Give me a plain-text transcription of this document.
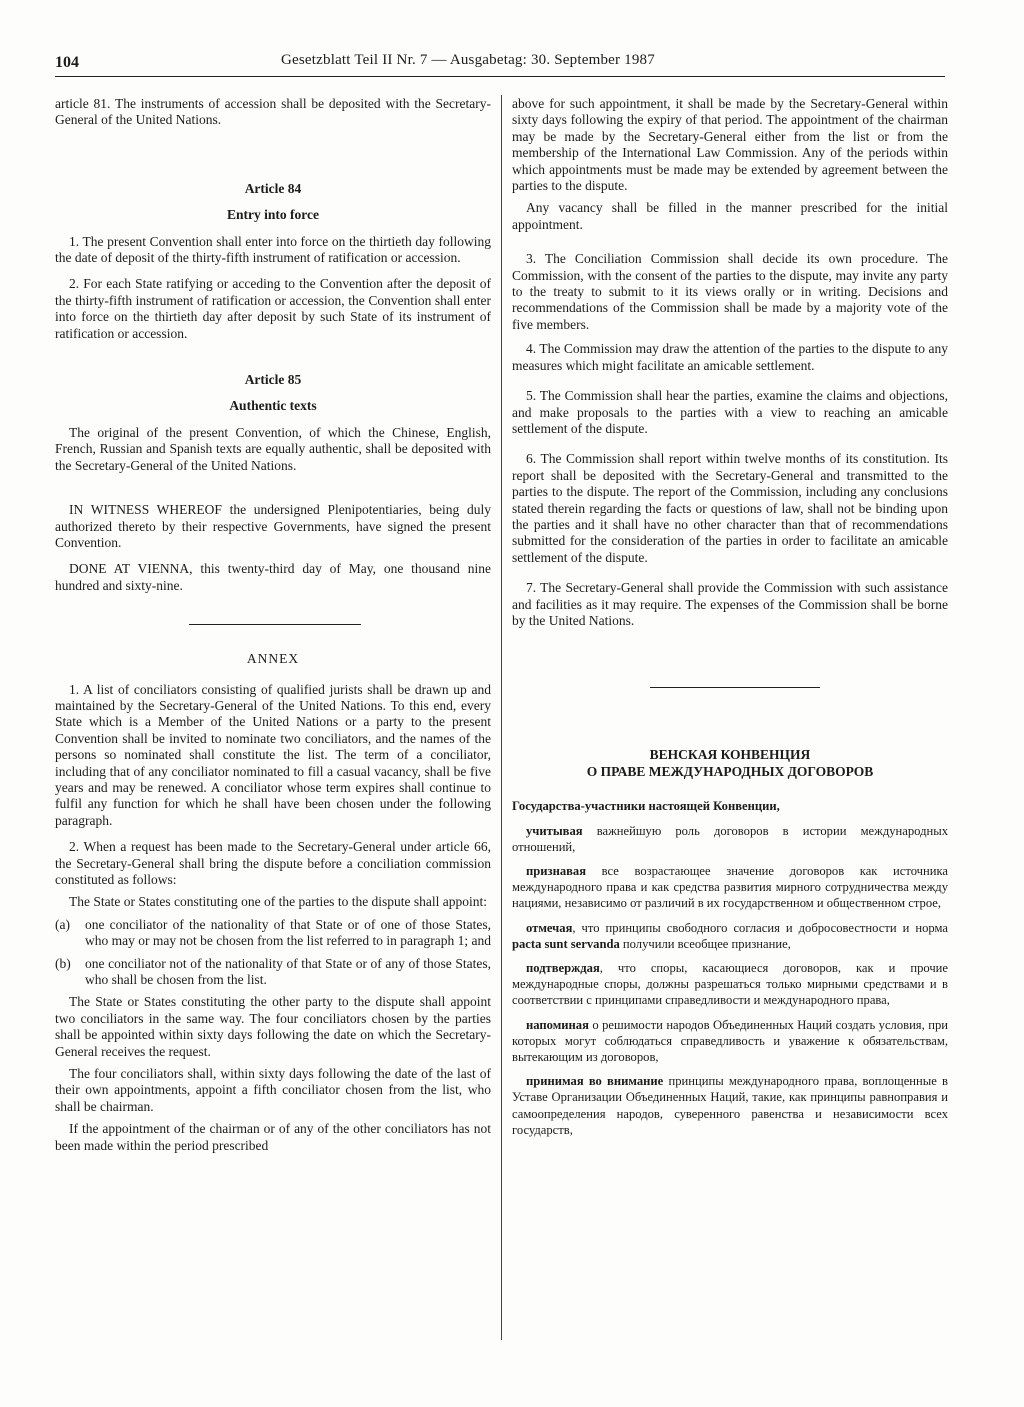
104	Gesetzblatt Teil II Nr. 7 — Ausgabetag: 30. September 1987

article 81. The instruments of accession shall be deposited with the Secretary-General of the United Nations.

Article 84

Entry into force

1. The present Convention shall enter into force on the thirtieth day following the date of deposit of the thirty-fifth instrument of ratification or accession.

2. For each State ratifying or acceding to the Convention after the deposit of the thirty-fifth instrument of ratification or accession, the Convention shall enter into force on the thirtieth day after deposit by such State of its instrument of ratification or accession.

Article 85

Authentic texts

The original of the present Convention, of which the Chinese, English, French, Russian and Spanish texts are equally authentic, shall be deposited with the Secretary-General of the United Nations.

IN WITNESS WHEREOF the undersigned Plenipotentiaries, being duly authorized thereto by their respective Governments, have signed the present Convention.

DONE AT VIENNA, this twenty-third day of May, one thousand nine hundred and sixty-nine.

ANNEX

1. A list of conciliators consisting of qualified jurists shall be drawn up and maintained by the Secretary-General of the United Nations. To this end, every State which is a Member of the United Nations or a party to the present Convention shall be invited to nominate two conciliators, and the names of the persons so nominated shall constitute the list. The term of a conciliator, including that of any conciliator nominated to fill a casual vacancy, shall be five years and may be renewed. A conciliator whose term expires shall continue to fulfil any function for which he shall have been chosen under the following paragraph.

2. When a request has been made to the Secretary-General under article 66, the Secretary-General shall bring the dispute before a conciliation commission constituted as follows:

The State or States constituting one of the parties to the dispute shall appoint:

(a)	one conciliator of the nationality of that State or of one of those States, who may or may not be chosen from the list referred to in paragraph 1; and
(b)	one conciliator not of the nationality of that State or of any of those States, who shall be chosen from the list.

The State or States constituting the other party to the dispute shall appoint two conciliators in the same way. The four conciliators chosen by the parties shall be appointed within sixty days following the date on which the Secretary-General receives the request.

The four conciliators shall, within sixty days following the date of the last of their own appointments, appoint a fifth conciliator chosen from the list, who shall be chairman.

If the appointment of the chairman or of any of the other conciliators has not been made within the period prescribed

above for such appointment, it shall be made by the Secretary-General within sixty days following the expiry of that period. The appointment of the chairman may be made by the Secretary-General either from the list or from the membership of the International Law Commission. Any of the periods within which appointments must be made may be extended by agreement between the parties to the dispute.

Any vacancy shall be filled in the manner prescribed for the initial appointment.

3. The Conciliation Commission shall decide its own procedure. The Commission, with the consent of the parties to the dispute, may invite any party to the treaty to submit to it its views orally or in writing. Decisions and recommendations of the Commission shall be made by a majority vote of the five members.

4. The Commission may draw the attention of the parties to the dispute to any measures which might facilitate an amicable settlement.

5. The Commission shall hear the parties, examine the claims and objections, and make proposals to the parties with a view to reaching an amicable settlement of the dispute.

6. The Commission shall report within twelve months of its constitution. Its report shall be deposited with the Secretary-General and transmitted to the parties to the dispute. The report of the Commission, including any conclusions stated therein regarding the facts or questions of law, shall not be binding upon the parties and it shall have no other character than that of recommendations submitted for the consideration of the parties in order to facilitate an amicable settlement of the dispute.

7. The Secretary-General shall provide the Commission with such assistance and facilities as it may require. The expenses of the Commission shall be borne by the United Nations.

ВЕНСКАЯ КОНВЕНЦИЯ

О ПРАВЕ МЕЖДУНАРОДНЫХ ДОГОВОРОВ

Государства-участники настоящей Конвенции,

учитывая важнейшую роль договоров в истории международных отношений,

признавая все возрастающее значение договоров как источника международного права и как средства развития мирного сотрудничества между нациями, независимо от различий в их государственном и общественном строе,

отмечая, что принципы свободного согласия и добросовестности и норма pacta sunt servanda получили всеобщее признание,

подтверждая, что споры, касающиеся договоров, как и прочие международные споры, должны разрешаться только мирными средствами и в соответствии с принципами справедливости и международного права,

напоминая о решимости народов Объединенных Наций создать условия, при которых могут соблюдаться справедливость и уважение к обязательствам, вытекающим из договоров,

принимая во внимание принципы международного права, воплощенные в Уставе Организации Объединенных Наций, такие, как принципы равноправия и самоопределения народов, суверенного равенства и независимости всех государств,
